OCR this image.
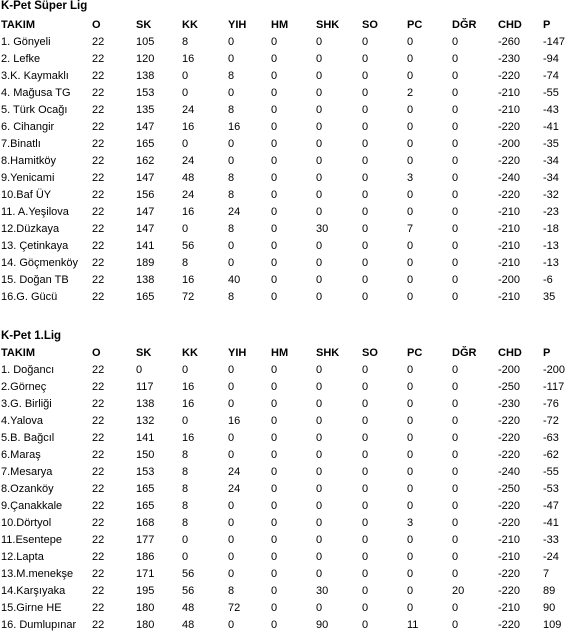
K-Pet Süper Lig
TAKIM	O	SK	KK	YIH HM	SHK SO	PC	DĞR CHD P
1. Gönyeli	22	105	8	0	0	0	0	0	0	-260 -147
2. Lefke	22	120	16	0	0	0	0	0	0	-230 -94
3.K. Kaymaklı 22	138	0	8	0	0	0	0	0	-220 -74
4. Mağusa TG 22	153	0	0	0	0	0	2	0	-210 -55
5. Türk Ocağı 22	135	24	8	0	0	0	0	0	-210 -43
6. Cihangir	22	147	16	16	0	0	0	0	0	-220 -41
7.Binatlı	22	165	0	0	0	0	0	0	0	-200 -35
8.Hamitköy	22	162	24	0	0	0	0	0	0	-220 -34
9.Yenicami	22	147	48	8	0	0	0	3	0	-240 -34
10.Baf ÜY	22	156	24	8	0	0	0	0	0	-220 -32
11. A.Yeşilova 22	147	16	24	0	0	0	0	0	-210 -23
12.Düzkaya	22	147	0	8	0	30	0	7	0	-210 -18
13. Çetinkaya 22	141	56	0	0	0	0	0	0	-210 -13
14. Göçmenköy 22	189	8	0	0	0	0	0	0	-210 -13
15. Doğan TB 22	138	16	40	0	0	0	0	0	-200 -6
16.G. Gücü	22	165	72	8	0	0	0	0	0	-210 35
K-Pet 1.Lig
TAKIM	O	SK	KK	YIH HM	SHK SO	PC	DĞR CHD P
1. Doğancı	22	0	0	0	0	0	0	0	0	-200 -200
2.Görneç	22	117	16	0	0	0	0	0	0	-250 -117
3.G. Birliği	22	138	16	0	0	0	0	0	0	-230 -76
4.Yalova	22	132	0	16	0	0	0	0	0	-220 -72
5.B. Bağcıl	22	141	16	0	0	0	0	0	0	-220 -63
6.Maraş	22	150	8	0	0	0	0	0	0	-220 -62
7.Mesarya	22	153	8	24	0	0	0	0	0	-240 -55
8.Ozanköy	22	165	8	24	0	0	0	0	0	-250 -53
9.Çanakkale	22	165	8	0	0	0	0	0	0	-220 -47
10.Dörtyol	22	168	8	0	0	0	0	3	0	-220 -41
11.Esentepe	22	177	0	0	0	0	0	0	0	-210 -33
12.Lapta	22	186	0	0	0	0	0	0	0	-210 -24
13.M.menekşe 22	171	56	0	0	0	0	0	0	-220 7
14.Karşıyaka 22	195	56	8	0	30	0	0	20	-220 89
15.Girne HE	22	180	48	72	0	0	0	0	0	-210 90
16. Dumlupınar 22	180	48	0	0	90	0	11	0	-220 109
